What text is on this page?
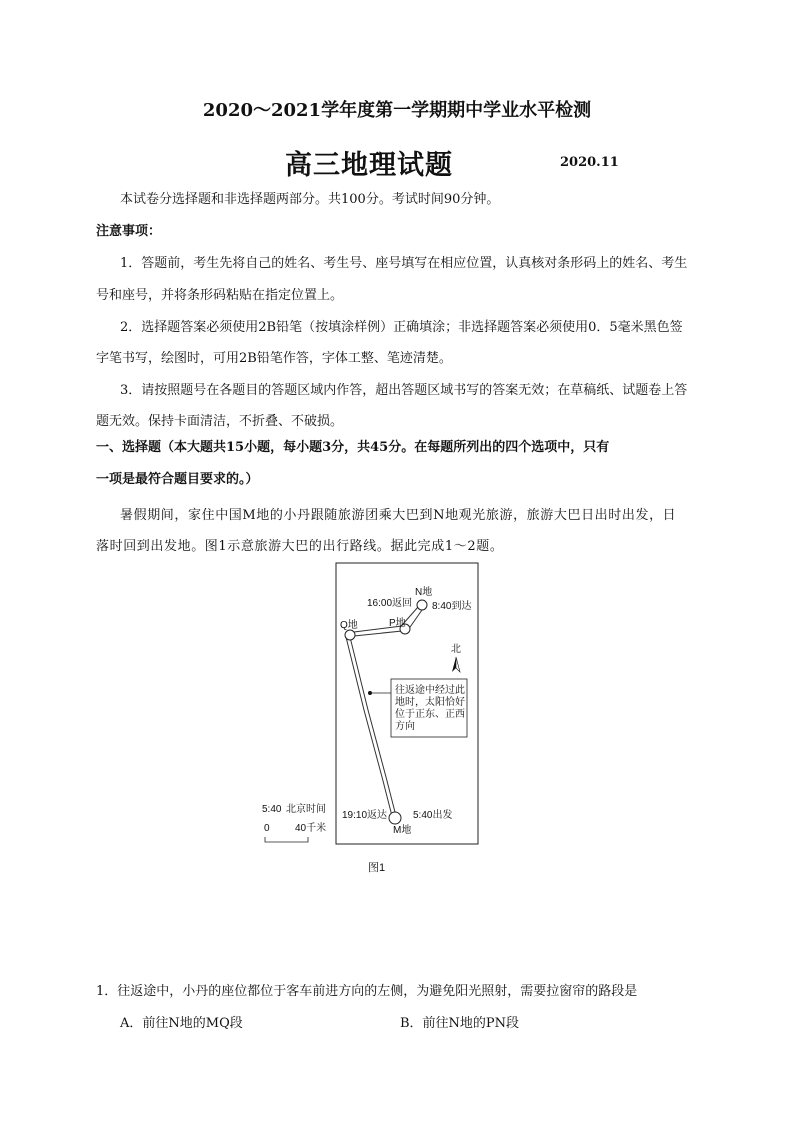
2020～2021学年度第一学期期中学业水平检测
高三地理试题	2020.11
本试卷分选择题和非选择题两部分。共100分。考试时间90分钟。
注意事项：
1．答题前，考生先将自己的姓名、考生号、座号填写在相应位置，认真核对条形码上的姓名、考生
号和座号，并将条形码粘贴在指定位置上。
2．选择题答案必须使用2B铅笔（按填涂样例）正确填涂；非选择题答案必须使用0．5毫米黑色签
字笔书写，绘图时，可用2B铅笔作答，字体工整、笔迹清楚。
3．请按照题号在各题目的答题区域内作答，超出答题区域书写的答案无效；在草稿纸、试题卷上答
题无效。保持卡面清洁，不折叠、不破损。
一、选择题（本大题共15小题，每小题3分，共45分。在每题所列出的四个选项中，只有
一项是最符合题目要求的。）
暑假期间，家住中国M地的小丹跟随旅游团乘大巴到N地观光旅游，旅游大巴日出时出发，日
落时回到出发地。图1示意旅游大巴的出行路线。据此完成1～2题。
N地
8:40到达
16:00返回
Q地	P地
北
往返途中经过此
地时，太阳恰好
位于正东、正西
方向
19:10返达	5:40出发
M地
5:40 北京时间
0	40千米
图1
1．往返途中，小丹的座位都位于客车前进方向的左侧，为避免阳光照射，需要拉窗帘的路段是
A．前往N地的MQ段	B．前往N地的PN段
